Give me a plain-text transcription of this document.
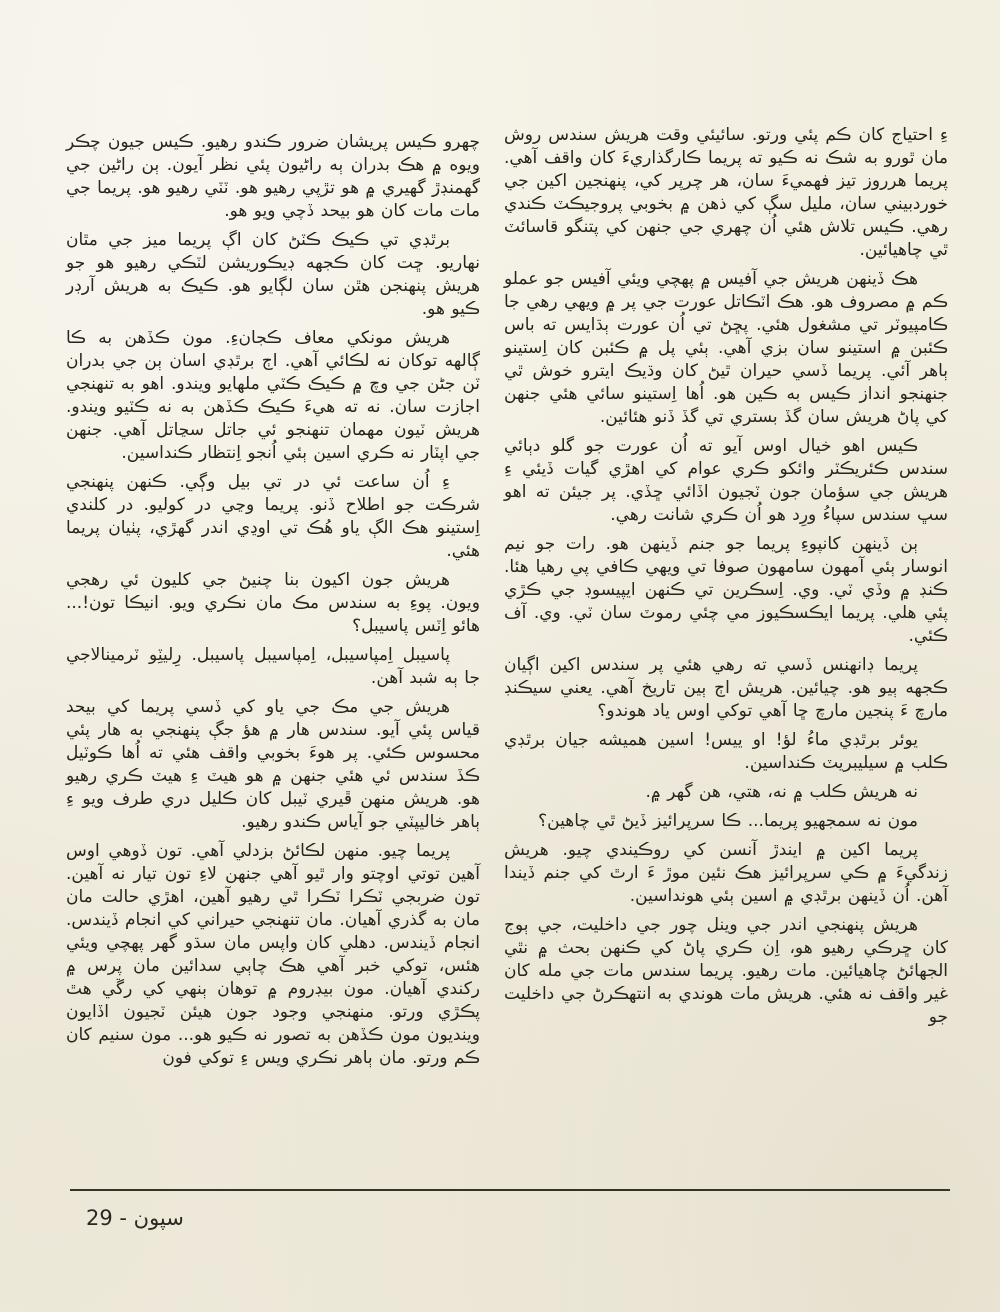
ءِ احتياج کان ڪم پئي ورتو. سائيئي وقت هريش سندس روش مان ٿورو به شڪ نه ڪيو ته پريما ڪارگذاريءَ کان واقف آهي. پريما هرروز تيز فهميءَ سان، هر چرپر کي، پنهنجين اکين جي خوردبيني سان، مليل سڳ کي ذهن ۾ بخوبي پروجيڪٽ ڪندي رهي. ڪيس تلاش هئي اُن چهري جي جنهن کي پتنگو قاسائٽ ٿي چاهيائين.

هڪ ڏينهن هريش جي آفيس ۾ پهچي ويئي آفيس جو عملو ڪم ۾ مصروف هو. هڪ اٽڪاتل عورت جي پر ۾ ويهي رهي جا ڪامپيوٽر تي مشغول هئي. پڇڻ تي اُن عورت ٻڌايس ته باس ڪئبن ۾ استينو سان بزي آهي. ٻئي پل ۾ ڪئبن کان اِستينو ٻاهر آئي. پريما ڏسي حيران ٿيڻ کان وڌيڪ ايترو خوش ٿي جنهنجو انداز ڪيس به ڪين هو. اُها اِستينو سائي هئي جنهن کي پاڻ هريش سان گڏ بستري تي گڏ ڏنو هئائين.

ڪيس اهو خيال اوس آيو ته اُن عورت جو گلو دٻائي سندس ڪئريڪٽر وائکو ڪري عوام کي اهڙي گيات ڏيئي ءِ هريش جي سؤمان جون ٽجيون اڏائي ڇڏي. پر جيئن ته اهو سڀ سندس سپاءُ ورِد هو اُن ڪري شانت رهي.

ٻن ڏينهن کانپوءِ پريما جو جنم ڏينهن هو. رات جو نيم انوسار ٻئي آمهون سامهون صوفا تي ويهي ڪافي پي رهيا هئا. ڪنڊ ۾ وڏي ٽي. وي. اِسڪرين تي ڪنهن ايپيسوڊ جي ڪڙي پئي هلي. پريما ايڪسڪيوز مي چئي رموٽ سان ٽي. وي. آف ڪئي.

پريما ڊانهنس ڏسي ته رهي هئي پر سندس اکين اڳيان ڪجهه ٻيو هو. چيائين. هريش اڄ ٻين تاريخ آهي. يعني سيڪنڊ مارچ ءَ پنجين مارچ ڇا آهي توکي اوس ياد هوندو؟

يوئر برٿڊي ماءُ لؤ! او ييس! اسين هميشه جيان برٿڊي ڪلب ۾ سيليبريٽ ڪنداسين.

نه هريش ڪلب ۾ نه، هتي، هن گهر ۾.

مون نه سمجهيو پريما... ڪا سرپرائيز ڏيڻ ٿي چاهين؟

پريما اکين ۾ ايندڙ آنسن کي روڪيندي چيو. هريش زندگيءَ ۾ ڪي سرپرائيز هڪ نئين موڙ ءَ ارٿ کي جنم ڏيندا آهن. اُن ڏينهن برٿڊي ۾ اسين ٻئي هونداسين.

هريش پنهنجي اندر جي وينل چور جي داخليت، جي ٻوج کان ڇرڪي رهيو هو، اِن ڪري پاڻ کي ڪنهن بحث ۾ نٿي الجهائڻ چاهيائين. مات رهيو. پريما سندس مات جي مله کان غير واقف نه هئي. هريش مات هوندي به انتهڪرڻ جي داخليت جو

چهرو ڪيس پريشان ضرور ڪندو رهيو. ڪيس جيون چڪر ويوه ۾ هڪ بدران ٻه راڻيون پئي نظر آيون. ٻن راڻين جي گهمنڊڙ گهيري ۾ هو تڙپي رهيو هو. ٽٽي رهيو هو. پريما جي مات مات کان هو بيحد ڏچي ويو هو.

برٿڊي تي ڪيڪ ڪٽڻ کان اڳ پريما ميز جي مٿان نهاريو. ڇت کان ڪجهه ڊيڪوريشن لٽڪي رهيو هو جو هريش پنهنجن هٿن سان لڳايو هو. ڪيڪ به هريش آرڊر ڪيو هو.

هريش مونکي معاف ڪجانءِ. مون ڪڏهن به ڪا ڳالهه توکان نه لڪائي آهي. اڄ برٿڊي اسان ٻن جي بدران ٽن جڻن جي وچ ۾ ڪيڪ ڪٽي ملهايو ويندو. اهو به تنهنجي اجازت سان. نه ته هيءَ ڪيڪ ڪڏهن به نه ڪٽيو ويندو. هريش ٽيون مهمان تنهنجو ئي جاتل سڃاتل آهي. جنهن جي اپٽار نه ڪري اسين ٻئي اُنجو اِنتظار ڪنداسين.

ءِ اُن ساعت ئي در تي بيل وڳي. ڪنهن پنهنجي شرڪت جو اطلاح ڏنو. پريما وڃي در کوليو. در کلندي اِستينو هڪ الڳ ياو هُڪ تي اوڍي اندر گهڙي، پٺيان پريما هئي.

هريش جون اکيون بنا چنيڻ جي کليون ئي رهجي ويون. پوءِ به سندس مڪ مان نڪري ويو. انيڪا تون!... هائو اِٽس پاسيبل؟

پاسيبل اِمپاسيبل، اِمپاسيبل پاسيبل. رِليٽِو ٽرمينالاجي جا ٻه شبد آهن.

هريش جي مڪ جي ياو کي ڏسي پريما کي بيحد قياس پئي آيو. سندس هار ۾ هؤ جڳ پنهنجي به هار پئي محسوس ڪئي. پر هوءَ بخوبي واقف هئي ته اُها ڪوٽيل ڪڏ سندس ئي هئي جنهن ۾ هو هيٽ ءِ هيٽ ڪري رهيو هو. هريش منهن ڦيري ٽيبل کان ڪليل دري طرف ويو ءِ ٻاهر خاليپٽي جو آياس ڪندو رهيو.

پريما چيو. منهن لڪائڻ بزدلي آهي. تون ڏوهي اوس آهين توتي اوچتو وار ٿيو آهي جنهن لاءِ تون تيار نه آهين. تون ضربجي ٽڪرا ٽڪرا ٿي رهيو آهين، اهڙي حالت مان مان به گذري آهيان. مان تنهنجي حيراني کي انجام ڏيندس. انجام ڏيندس. دهلي کان واپس مان سڌو گهر پهچي ويئي هئس، توکي خبر آهي هڪ چاٻي سدائين مان پرس ۾ رکندي آهيان. مون بيڊروم ۾ توهان ٻنهي کي رڱي هٿ پڪڙي ورتو. منهنجي وجود جون هيئن ٽجيون اڏايون وينديون مون ڪڏهن به تصور نه ڪيو هو... مون سنيم کان ڪم ورتو. مان ٻاهر نڪري ويس ءِ توکي فون

سپون - 29
